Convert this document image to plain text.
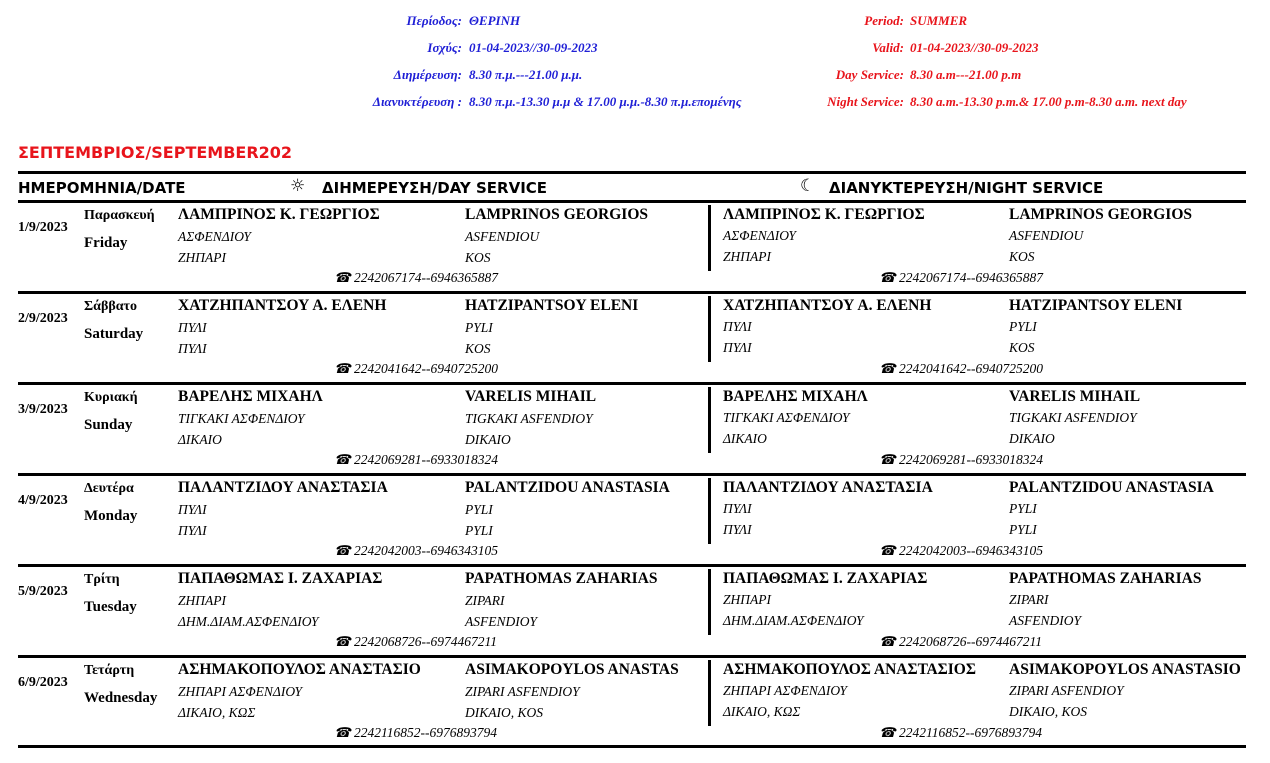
Περίοδος: ΘΕΡΙΝΗ
Ισχύς: 01-04-2023//30-09-2023
Διημέρευση: 8.30 π.μ.---21.00 μ.μ.
Διανυκτέρευση : 8.30 π.μ.-13.30 μ.μ & 17.00 μ.μ.-8.30 π.μ.επομένης
Period: SUMMER
Valid: 01-04-2023//30-09-2023
Day Service: 8.30 a.m---21.00 p.m
Night Service: 8.30 a.m.-13.30 p.m.& 17.00 p.m-8.30 a.m. next day
ΣΕΠΤΕΜΒΡΙΟΣ/SEPTEMBER202
ΗΜΕΡΟΜΗΝΙΑ/DATE	☼ ΔΙΗΜΕΡΕΥΣΗ/DAY SERVICE	☾ ΔΙΑΝΥΚΤΕΡΕΥΣΗ/NIGHT SERVICE
1/9/2023
Παρασκευή
Friday
ΛΑΜΠΡΙΝΟΣ Κ. ΓΕΩΡΓΙΟΣ	LAMPRINOS GEORGIOS
ΑΣΦΕΝΔΙΟΥ	ASFENDIOU
ΖΗΠΑΡΙ	KOS
☎ 2242067174--6946365887
ΛΑΜΠΡΙΝΟΣ Κ. ΓΕΩΡΓΙΟΣ	LAMPRINOS GEORGIOS
ΑΣΦΕΝΔΙΟΥ	ASFENDIOU
ΖΗΠΑΡΙ	KOS
☎ 2242067174--6946365887
2/9/2023
Σάββατο
Saturday
ΧΑΤΖΗΠΑΝΤΣΟΥ Α. ΕΛΕΝΗ	HATZIPANTSOY ELENI
ΠΥΛΙ	PYLI
ΠΥΛΙ	KOS
☎ 2242041642--6940725200
ΧΑΤΖΗΠΑΝΤΣΟΥ Α. ΕΛΕΝΗ	HATZIPANTSOY ELENI
ΠΥΛΙ	PYLI
ΠΥΛΙ	KOS
☎ 2242041642--6940725200
3/9/2023
Κυριακή
Sunday
ΒΑΡΕΛΗΣ ΜΙΧΑΗΛ	VARELIS MIHAIL
ΤΙΓΚΑΚΙ ΑΣΦΕΝΔΙΟΥ	TIGKAKI ASFENDIOY
ΔΙΚΑΙΟ	DIKAIO
☎ 2242069281--6933018324
ΒΑΡΕΛΗΣ ΜΙΧΑΗΛ	VARELIS MIHAIL
ΤΙΓΚΑΚΙ ΑΣΦΕΝΔΙΟΥ	TIGKAKI ASFENDIOY
ΔΙΚΑΙΟ	DIKAIO
☎ 2242069281--6933018324
4/9/2023
Δευτέρα
Monday
ΠΑΛΑΝΤΖΙΔΟΥ ΑΝΑΣΤΑΣΙΑ	PALANTZIDOU ANASTASIA
ΠΥΛΙ	PYLI
ΠΥΛΙ	PYLI
☎ 2242042003--6946343105
ΠΑΛΑΝΤΖΙΔΟΥ ΑΝΑΣΤΑΣΙΑ	PALANTZIDOU ANASTASIA
ΠΥΛΙ	PYLI
ΠΥΛΙ	PYLI
☎ 2242042003--6946343105
5/9/2023
Τρίτη
Tuesday
ΠΑΠΑΘΩΜΑΣ Ι. ΖΑΧΑΡΙΑΣ	PAPATHOMAS ZAHARIAS
ΖΗΠΑΡΙ	ZIPARI
ΔΗΜ.ΔΙΑΜ.ΑΣΦΕΝΔΙΟΥ	ASFENDIOY
☎ 2242068726--6974467211
ΠΑΠΑΘΩΜΑΣ Ι. ΖΑΧΑΡΙΑΣ	PAPATHOMAS ZAHARIAS
ΖΗΠΑΡΙ	ZIPARI
ΔΗΜ.ΔΙΑΜ.ΑΣΦΕΝΔΙΟΥ	ASFENDIOY
☎ 2242068726--6974467211
6/9/2023
Τετάρτη
Wednesday
ΑΣΗΜΑΚΟΠΟΥΛΟΣ ΑΝΑΣΤΑΣΙΟ	ASIMAKOPOYLOS ANASTAS
ΖΗΠΑΡΙ ΑΣΦΕΝΔΙΟΥ	ZIPARI ASFENDIOY
ΔΙΚΑΙΟ, ΚΩΣ	DIKAIO, KOS
☎ 2242116852--6976893794
ΑΣΗΜΑΚΟΠΟΥΛΟΣ ΑΝΑΣΤΑΣΙΟΣ ASIMAKOPOYLOS ANASTASIO
ΖΗΠΑΡΙ ΑΣΦΕΝΔΙΟΥ	ZIPARI ASFENDIOY
ΔΙΚΑΙΟ, ΚΩΣ	DIKAIO, KOS
☎ 2242116852--6976893794
